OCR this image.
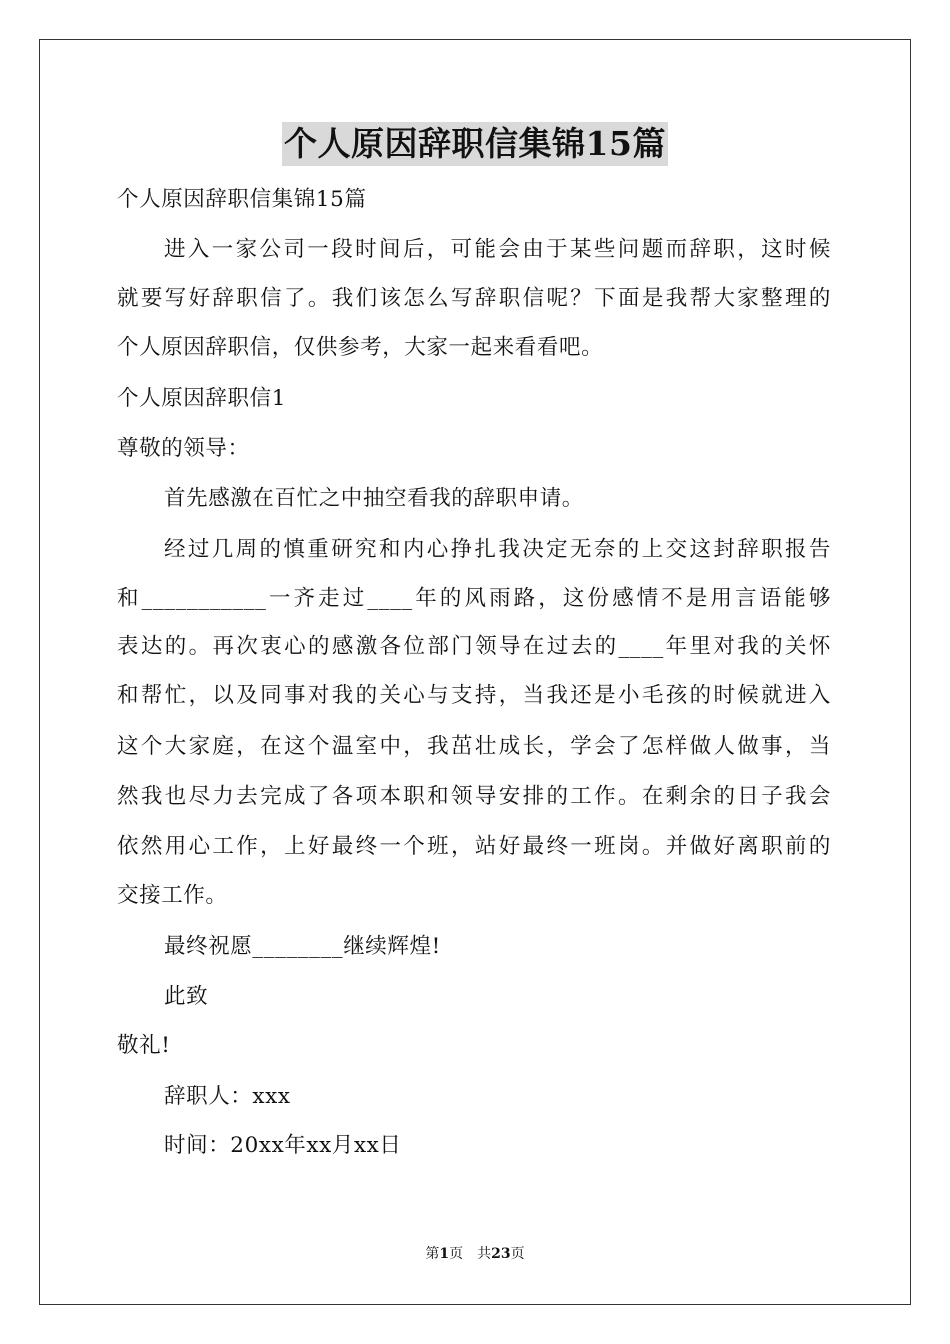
个人原因辞职信集锦15篇
个人原因辞职信集锦15篇
进入一家公司一段时间后，可能会由于某些问题而辞职，这时候
就要写好辞职信了。我们该怎么写辞职信呢？下面是我帮大家整理的
个人原因辞职信，仅供参考，大家一起来看看吧。
个人原因辞职信1
尊敬的领导：
首先感激在百忙之中抽空看我的辞职申请。
经过几周的慎重研究和内心挣扎我决定无奈的上交这封辞职报告
和___________一齐走过____年的风雨路，这份感情不是用言语能够
表达的。再次衷心的感激各位部门领导在过去的____年里对我的关怀
和帮忙，以及同事对我的关心与支持，当我还是小毛孩的时候就进入
这个大家庭，在这个温室中，我茁壮成长，学会了怎样做人做事，当
然我也尽力去完成了各项本职和领导安排的工作。在剩余的日子我会
依然用心工作，上好最终一个班，站好最终一班岗。并做好离职前的
交接工作。
最终祝愿________继续辉煌!
此致
敬礼!
辞职人：xxx
时间：20xx年xx月xx日
第1页　共23页
